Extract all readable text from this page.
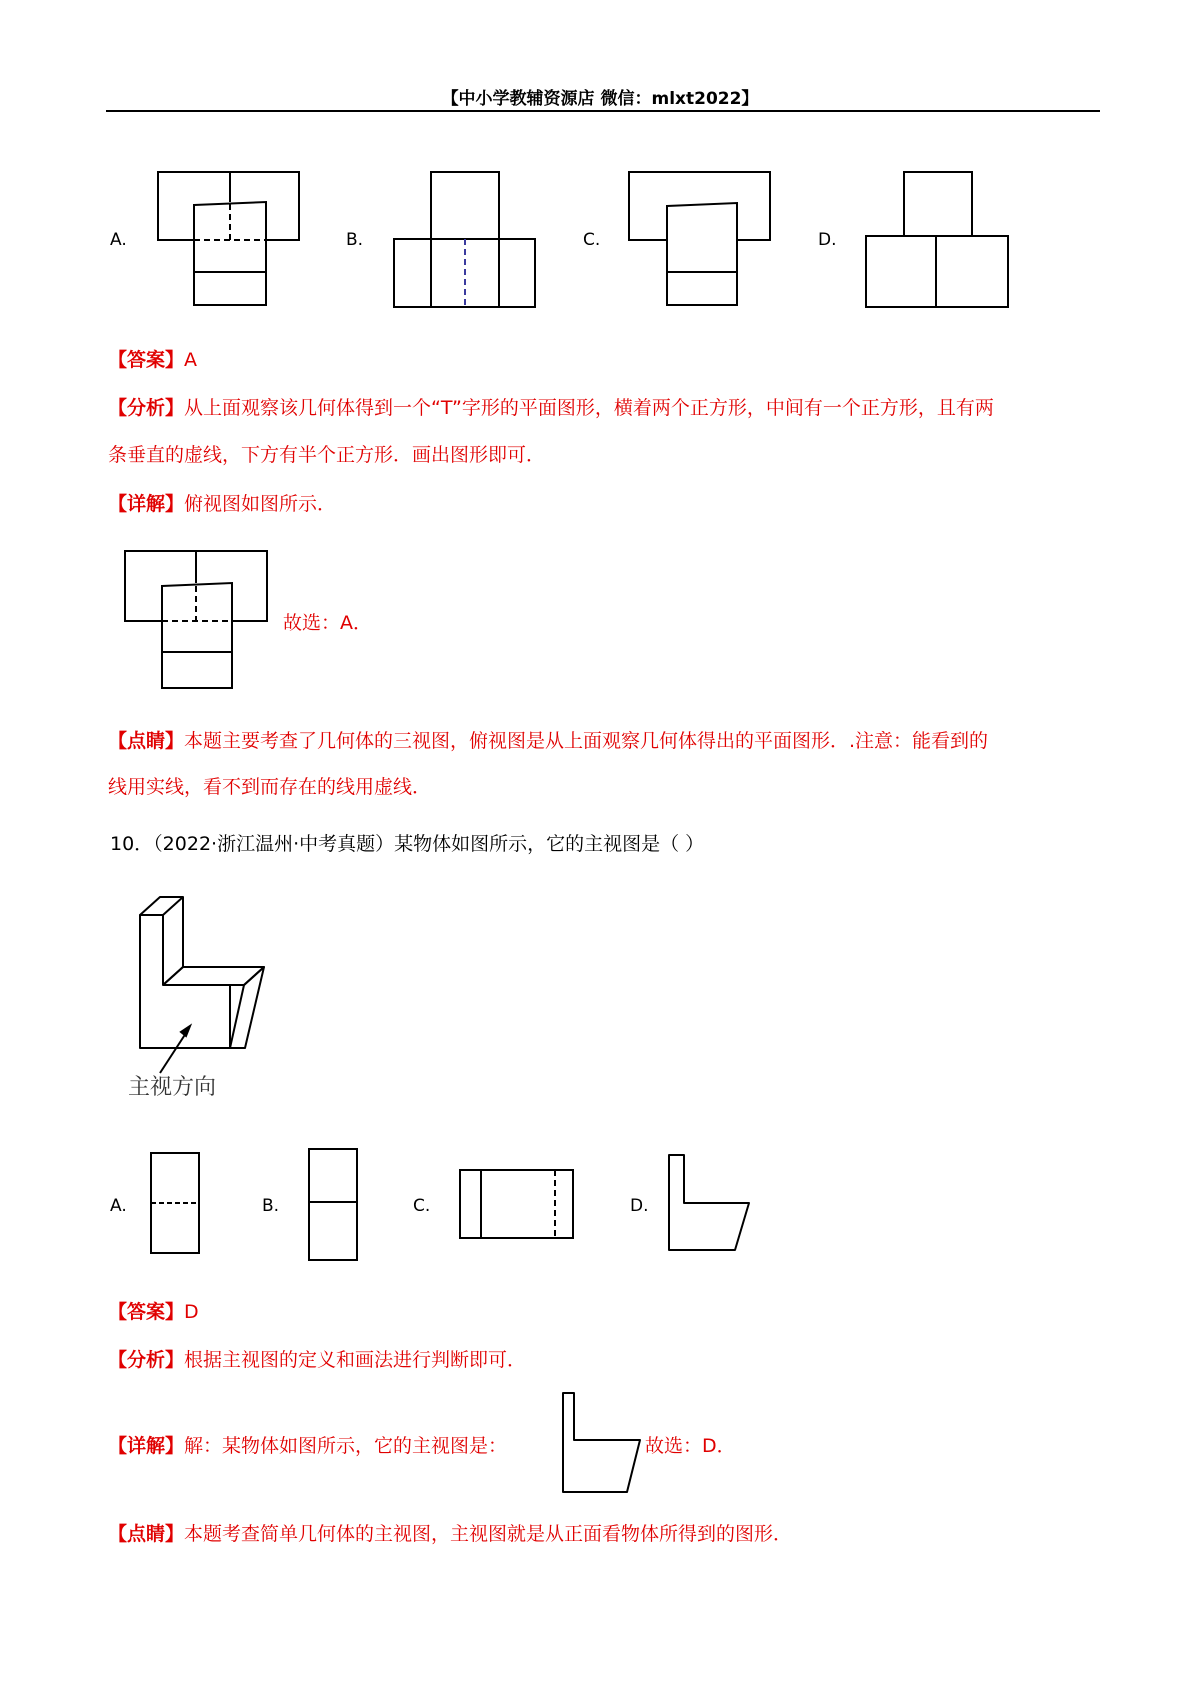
【中小学教辅资源店 微信：mlxt2022】
A.	B.	C.	D.
【答案】A
【分析】从上面观察该几何体得到一个“T”字形的平面图形，横着两个正方形，中间有一个正方形，且有两
条垂直的虚线，下方有半个正方形．画出图形即可．
【详解】俯视图如图所示．
故选：A．
【点睛】本题主要考查了几何体的三视图，俯视图是从上面观察几何体得出的平面图形．.注意：能看到的
线用实线，看不到而存在的线用虚线．
10．（2022·浙江温州·中考真题）某物体如图所示，它的主视图是（ ）
主视方向
A.	B.	C.	D.
【答案】D
【分析】根据主视图的定义和画法进行判断即可．
【详解】解：某物体如图所示，它的主视图是：	故选：D．
【点睛】本题考查简单几何体的主视图，主视图就是从正面看物体所得到的图形．
